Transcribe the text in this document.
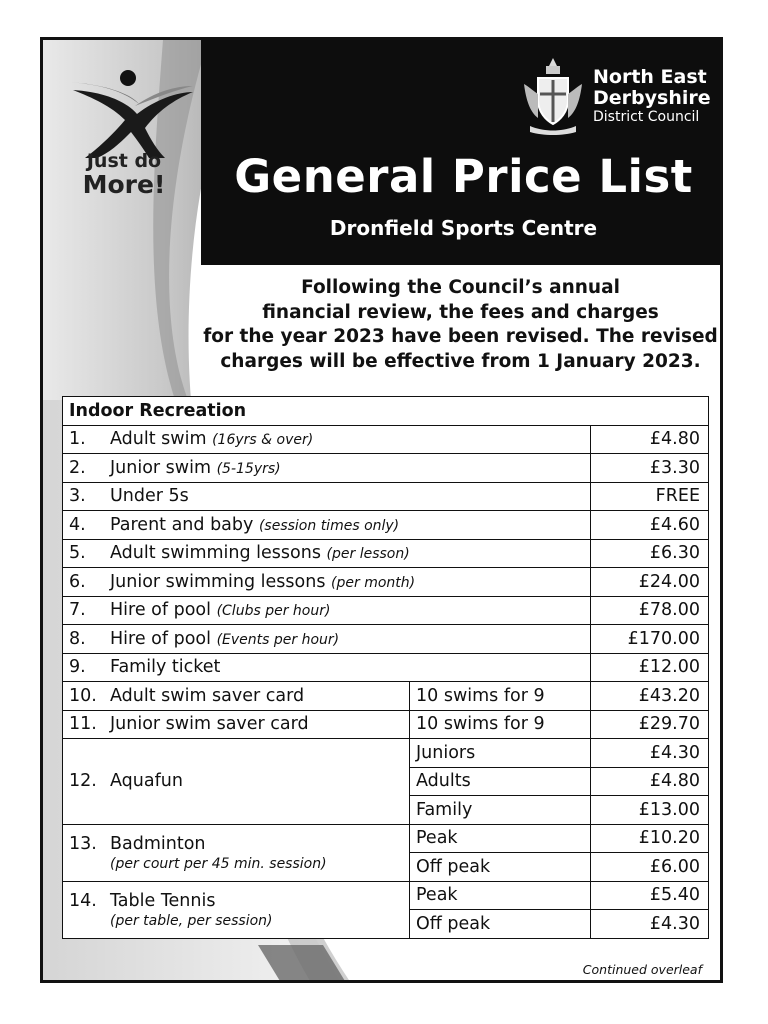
Just do
More!
North East
Derbyshire
District Council
General Price List
Dronfield Sports Centre
Following the Council’s annual
financial review, the fees and charges
for the year 2023 have been revised. The revised
charges will be effective from 1 January 2023.
Indoor Recreation		
1. Adult swim (16yrs & over)		£4.80
2. Junior swim (5-15yrs)		£3.30
3. Under 5s		FREE
4. Parent and baby (session times only)		£4.60
5. Adult swimming lessons (per lesson)		£6.30
6. Junior swimming lessons (per month)		£24.00
7. Hire of pool (Clubs per hour)		£78.00
8. Hire of pool (Events per hour)		£170.00
9. Family ticket		£12.00
10. Adult swim saver card	10 swims for 9	£43.20
11. Junior swim saver card	10 swims for 9	£29.70
12. Aquafun	Juniors	£4.30
	Adults	£4.80
	Family	£13.00
13. Badminton
(per court per 45 min. session)	Peak	£10.20
	Off peak	£6.00
14. Table Tennis
(per table, per session)	Peak	£5.40
	Off peak	£4.30
Continued overleaf
